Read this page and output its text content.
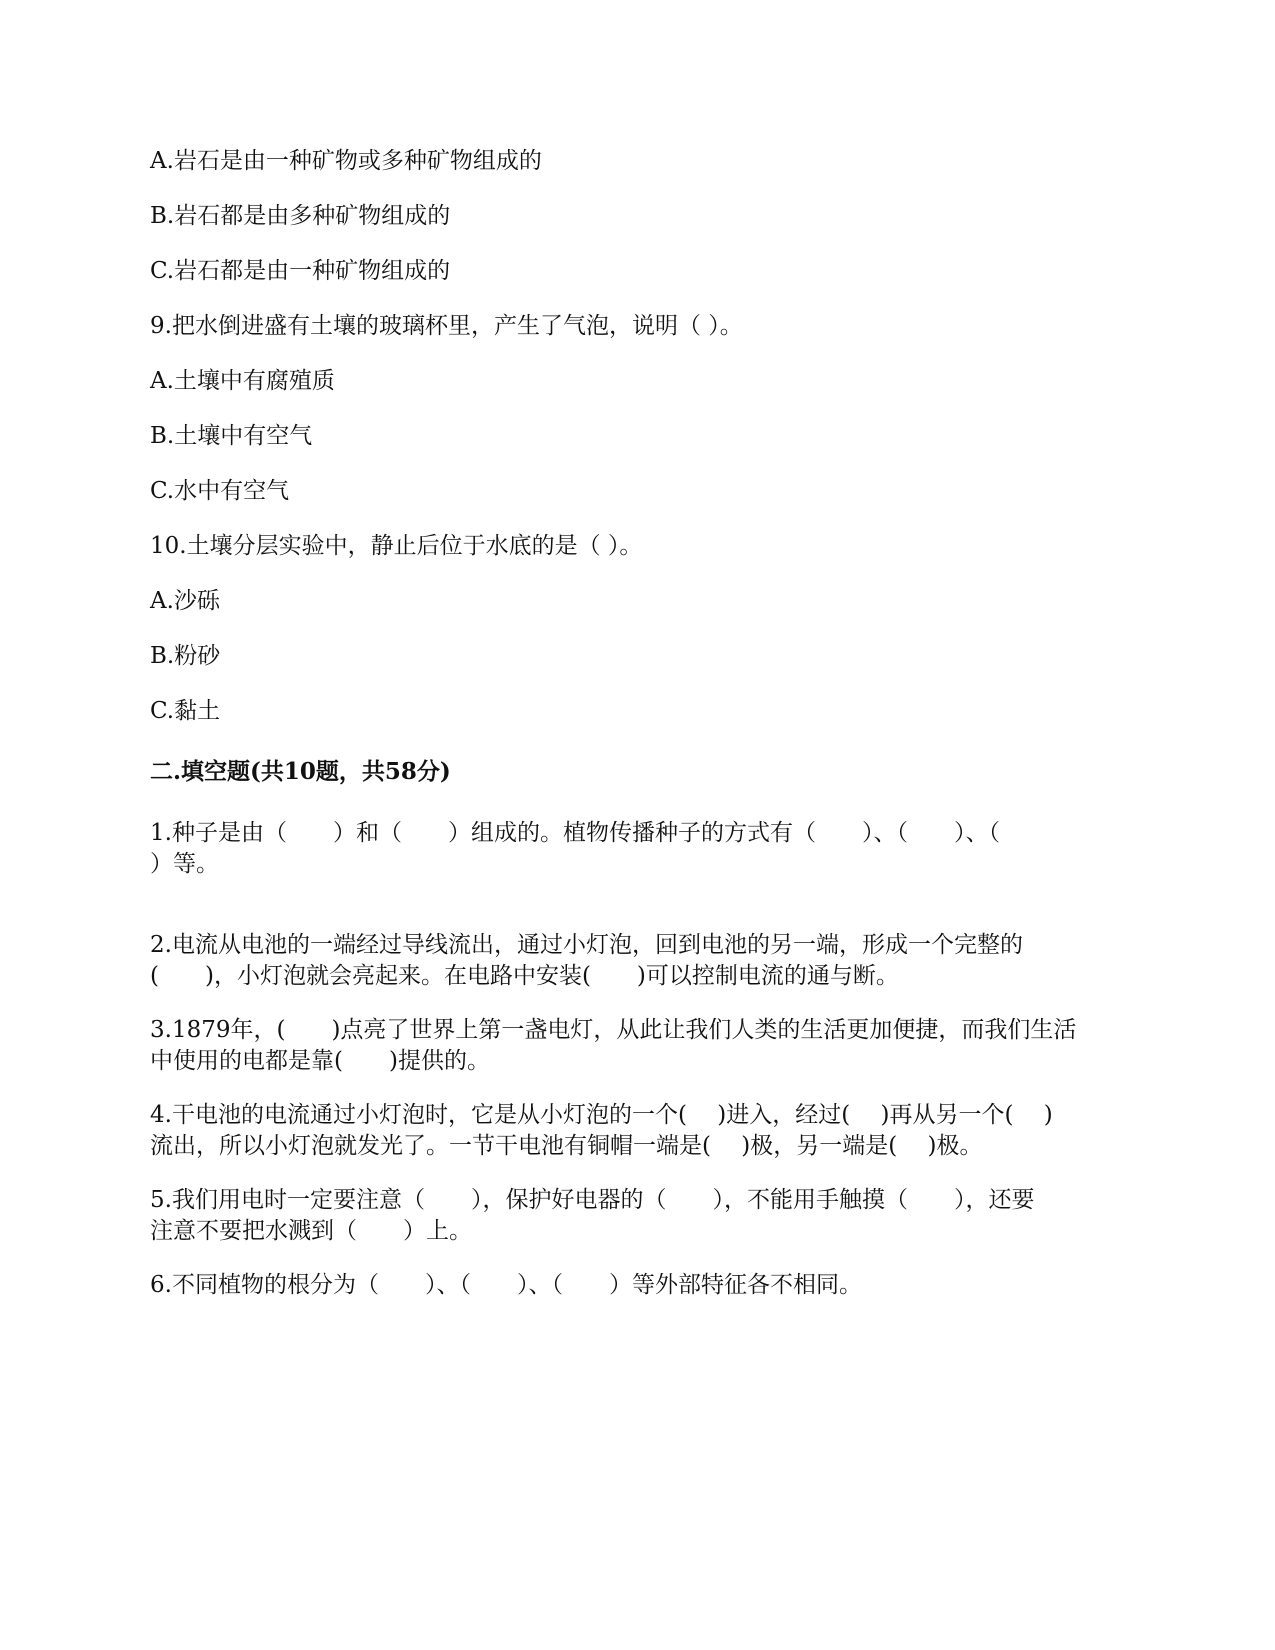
A.岩石是由一种矿物或多种矿物组成的
B.岩石都是由多种矿物组成的
C.岩石都是由一种矿物组成的
9.把水倒进盛有土壤的玻璃杯里，产生了气泡，说明（ ）。
A.土壤中有腐殖质
B.土壤中有空气
C.水中有空气
10.土壤分层实验中，静止后位于水底的是（ ）。
A.沙砾
B.粉砂
C.黏土
二.填空题(共10题，共58分)
1.种子是由（　　）和（　　）组成的。植物传播种子的方式有（　　）、（　　）、（
）等。
2.电流从电池的一端经过导线流出，通过小灯泡，回到电池的另一端，形成一个完整的
(　　)，小灯泡就会亮起来。在电路中安装(　　)可以控制电流的通与断。
3.1879年，(　　)点亮了世界上第一盏电灯，从此让我们人类的生活更加便捷，而我们生活
中使用的电都是靠(　　)提供的。
4.干电池的电流通过小灯泡时，它是从小灯泡的一个(　 )进入，经过(　 )再从另一个(　 )
流出，所以小灯泡就发光了。一节干电池有铜帽一端是(　 )极，另一端是(　 )极。
5.我们用电时一定要注意（　　），保护好电器的（　　），不能用手触摸（　　），还要
注意不要把水溅到（　　）上。
6.不同植物的根分为（　　）、（　　）、（　　）等外部特征各不相同。
